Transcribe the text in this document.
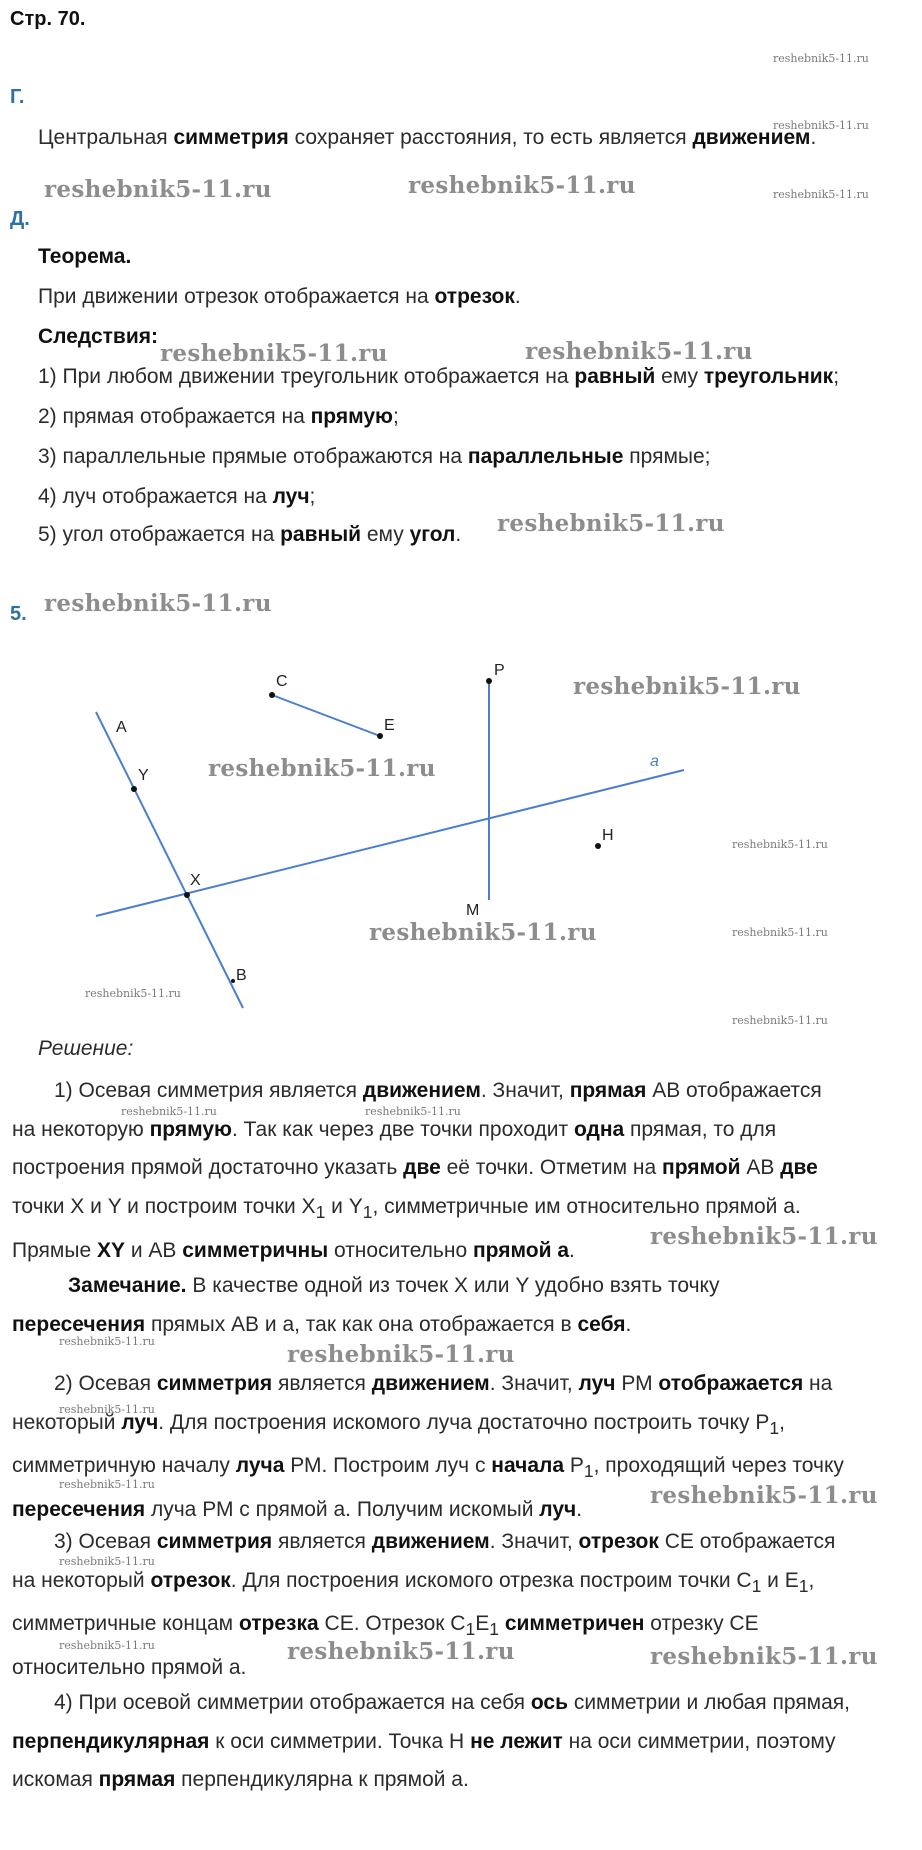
Стр. 70.
Г.
Центральная симметрия сохраняет расстояния, то есть является движением.
Д.
Теорема.
При движении отрезок отображается на отрезок.
Следствия:
1) При любом движении треугольник отображается на равный ему треугольник;
2) прямая отображается на прямую;
3) параллельные прямые отображаются на параллельные прямые;
4) луч отображается на луч;
5) угол отображается на равный ему угол.
5.
C
E
P
M
H
A
Y
X
B
a
Решение:
1) Осевая симметрия является движением. Значит, прямая АВ отображается
на некоторую прямую. Так как через две точки проходит одна прямая, то для
построения прямой достаточно указать две её точки. Отметим на прямой АВ две
точки X и Y и построим точки $X_1$ и $Y_1$, симметричные им относительно прямой a.
Прямые XY и АВ симметричны относительно прямой а.
Замечание. В качестве одной из точек X или Y удобно взять точку
пересечения прямых АВ и а, так как она отображается в себя.
2) Осевая симметрия является движением. Значит, луч РМ отображается на
некоторый луч. Для построения искомого луча достаточно построить точку $Р_1$,
симметричную началу луча РМ. Построим луч с начала $Р_1$, проходящий через точку
пересечения луча РМ с прямой а. Получим искомый луч.
3) Осевая симметрия является движением. Значит, отрезок СЕ отображается
на некоторый отрезок. Для построения искомого отрезка построим точки $С_1$ и $Е_1$,
симметричные концам отрезка СЕ. Отрезок $С_1Е_1$ симметричен отрезку СЕ
относительно прямой а.
4) При осевой симметрии отображается на себя ось симметрии и любая прямая,
перпендикулярная к оси симметрии. Точка Н не лежит на оси симметрии, поэтому
искомая прямая перпендикулярна к прямой а.
reshebnik5-11.ru	reshebnik5-11.ru
reshebnik5-11.ru	reshebnik5-11.ru
reshebnik5-11.ru
reshebnik5-11.ru
reshebnik5-11.ru
reshebnik5-11.ru
reshebnik5-11.ru
reshebnik5-11.ru
reshebnik5-11.ru
reshebnik5-11.ru
reshebnik5-11.ru	reshebnik5-11.ru
reshebnik5-11.ru
reshebnik5-11.ru
reshebnik5-11.ru
reshebnik5-11.ru
reshebnik5-11.ru
reshebnik5-11.ru
reshebnik5-11.ru
reshebnik5-11.ru	reshebnik5-11.ru
reshebnik5-11.ru
reshebnik5-11.ru
reshebnik5-11.ru
reshebnik5-11.ru
reshebnik5-11.ru
